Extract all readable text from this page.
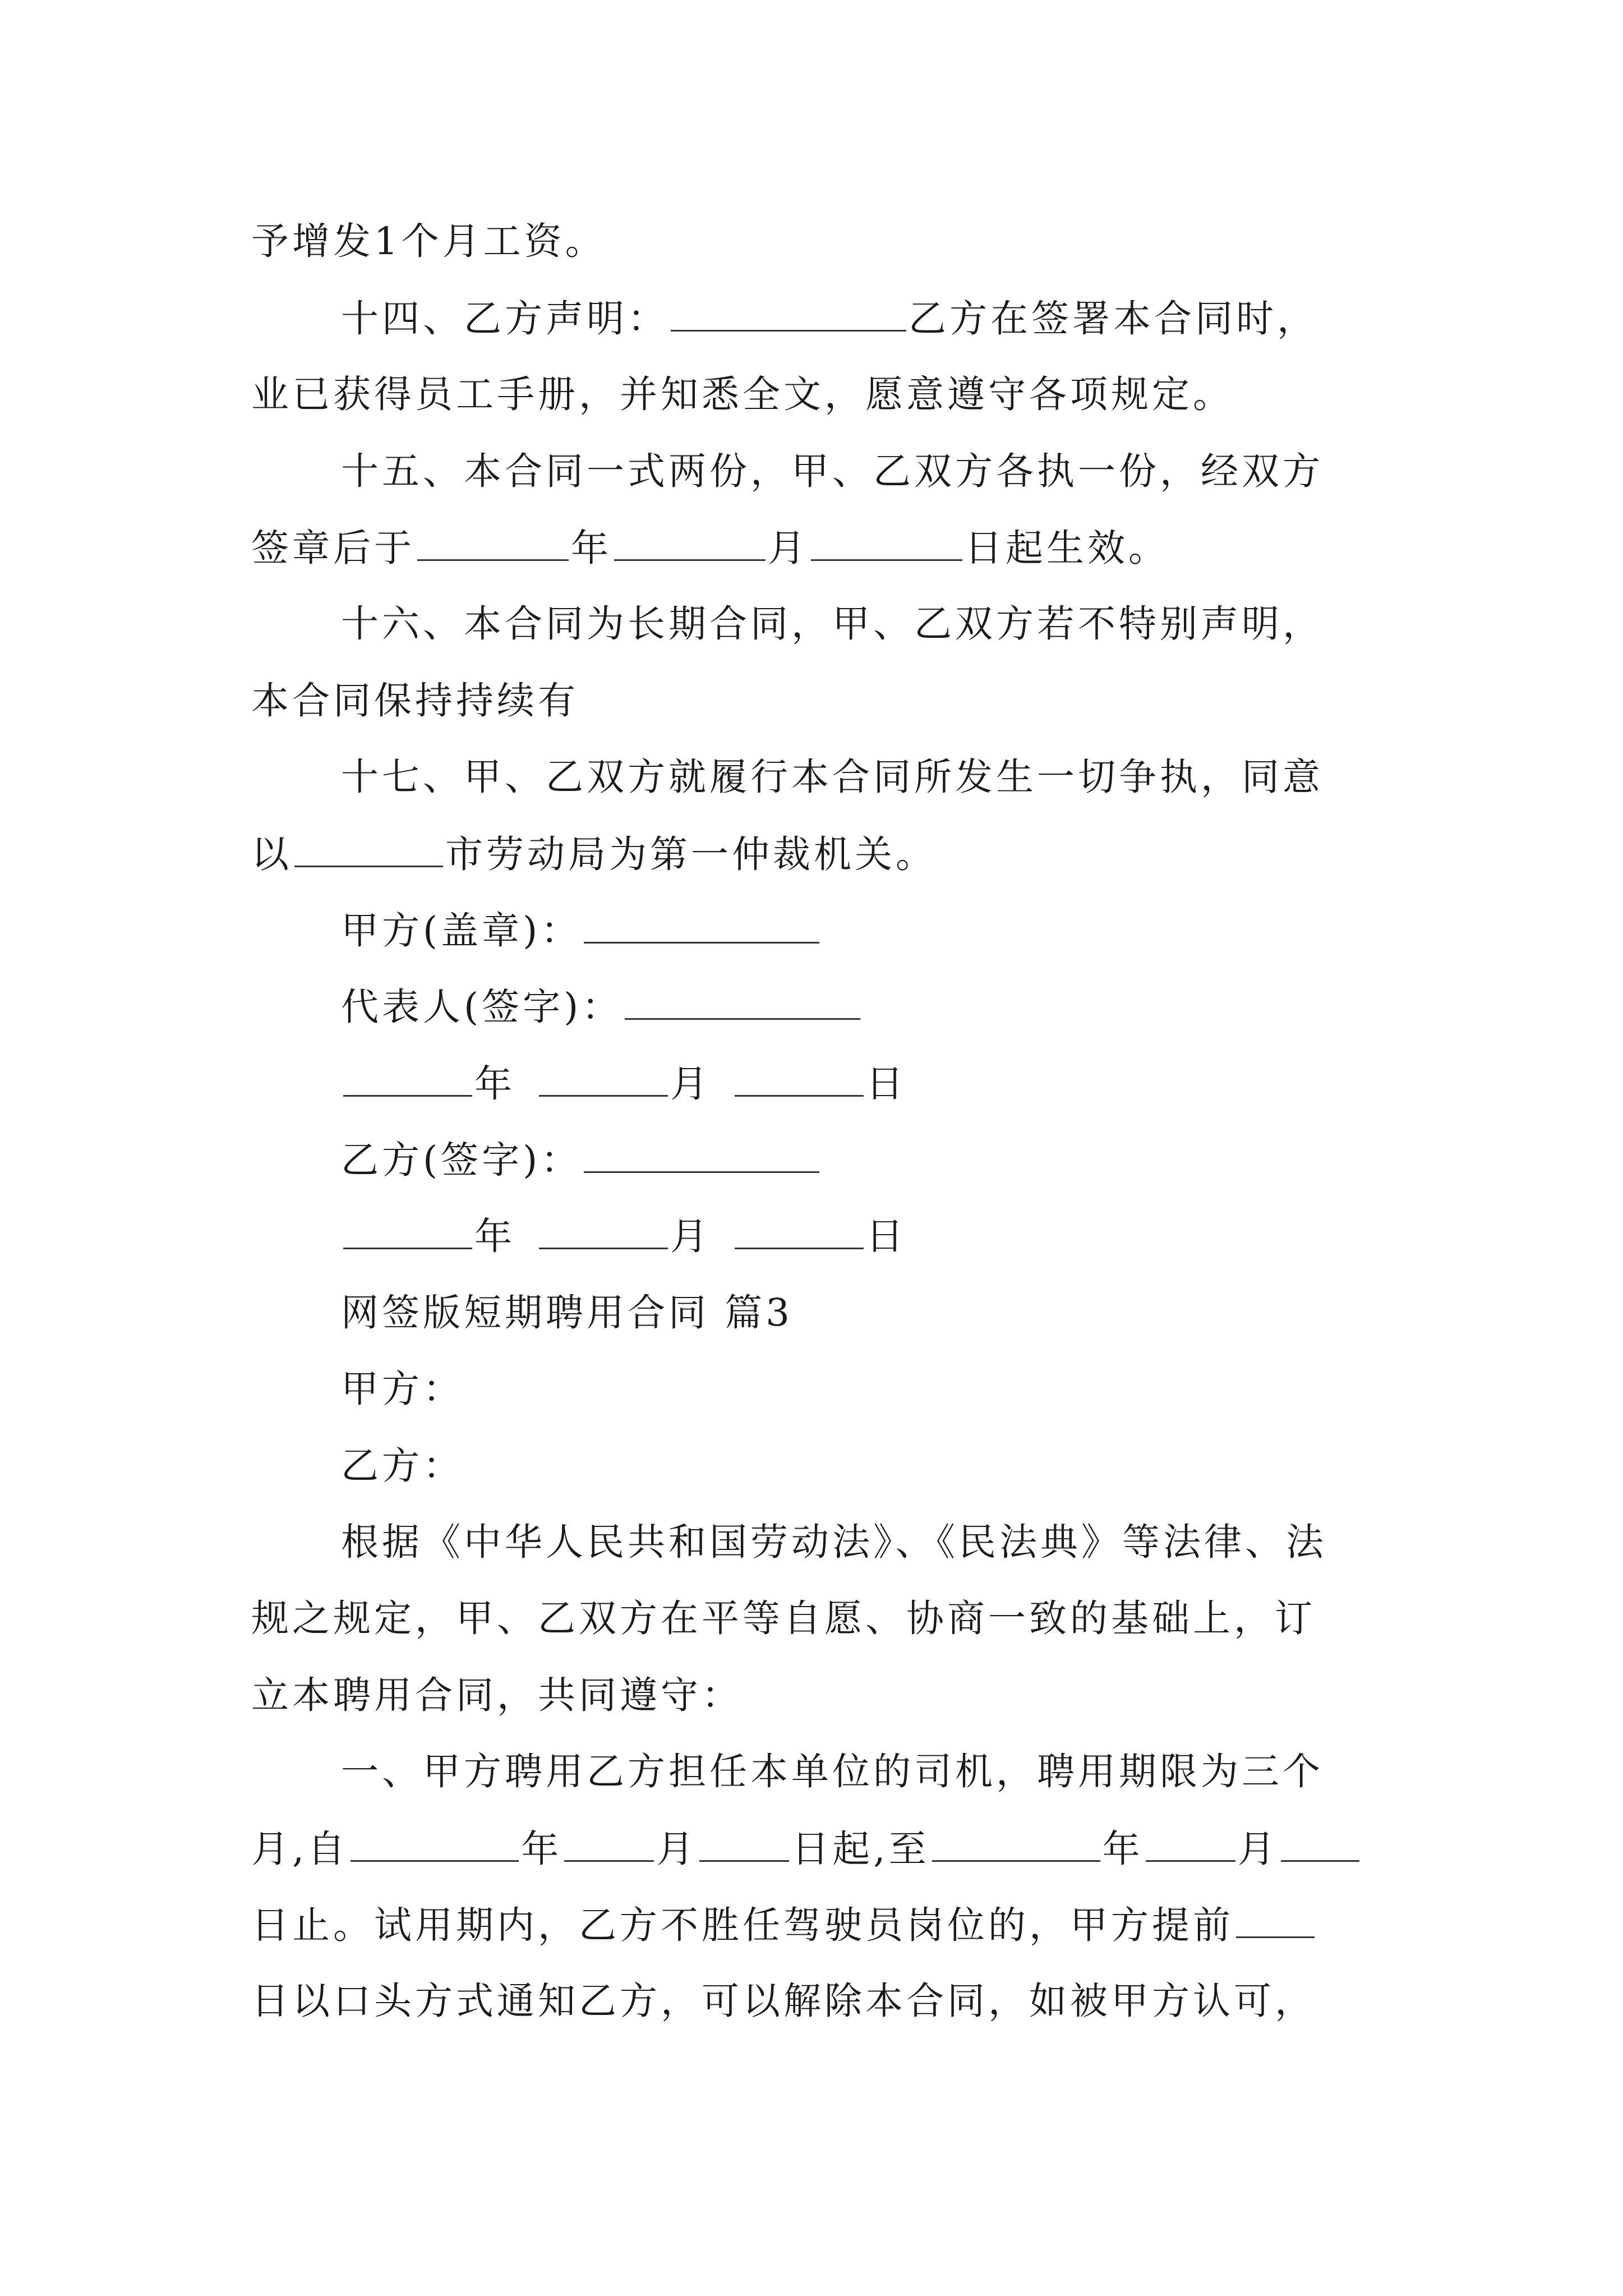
予增发1个月工资。
十四、乙方声明：	乙方在签署本合同时，
业已获得员工手册，并知悉全文，愿意遵守各项规定。
十五、本合同一式两份，甲、乙双方各执一份，经双方
签章后于	年	月	日起生效。
十六、本合同为长期合同，甲、乙双方若不特别声明，
本合同保持持续有
十七、甲、乙双方就履行本合同所发生一切争执，同意
以	市劳动局为第一仲裁机关。
甲方(盖章)：
代表人(签字)：
年	月	日
乙方(签字)：
年	月	日
网签版短期聘用合同 篇3
甲方：
乙方：
根据《中华人民共和国劳动法》、《民法典》等法律、法
规之规定，甲、乙双方在平等自愿、协商一致的基础上，订
立本聘用合同，共同遵守：
一、甲方聘用乙方担任本单位的司机，聘用期限为三个
月,自	年	月	日起,至	年	月
日止。试用期内，乙方不胜任驾驶员岗位的，甲方提前
日以口头方式通知乙方，可以解除本合同，如被甲方认可，
